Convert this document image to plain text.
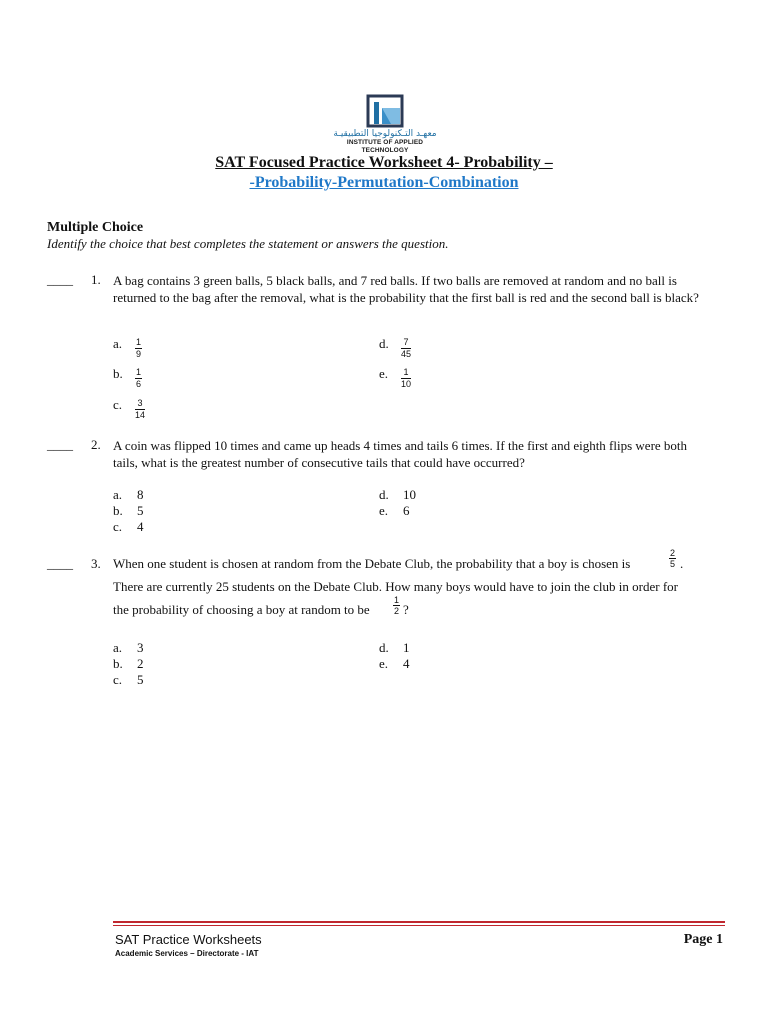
معهـد التـكنولوجيا التطبيقيـة
INSTITUTE OF APPLIED TECHNOLOGY
SAT Focused Practice Worksheet 4- Probability –
-Probability-Permutation-Combination
Multiple Choice
Identify the choice that best completes the statement or answers the question.
____ 1. A bag contains 3 green balls, 5 black balls, and 7 red balls. If two balls are removed at random and no ball is returned to the bag after the removal, what is the probability that the first ball is red and the second ball is black?
a. $\frac{1}{9}$
b. $\frac{1}{6}$
c. $\frac{3}{14}$
d. $\frac{7}{45}$
e. $\frac{1}{10}$
____ 2. A coin was flipped 10 times and came up heads 4 times and tails 6 times. If the first and eighth flips were both tails, what is the greatest number of consecutive tails that could have occurred?
a. 8
b. 5
c. 4
d. 10
e. 6
____ 3. When one student is chosen at random from the Debate Club, the probability that a boy is chosen is	$\frac{2}{5}$ .
There are currently 25 students on the Debate Club. How many boys would have to join the club in order for
the probability of choosing a boy at random to be	$\frac{1}{2}$ ?
a. 3
b. 2
c. 5
d. 1
e. 4
SAT Practice Worksheets
Academic Services – Directorate - IAT
Page 1
